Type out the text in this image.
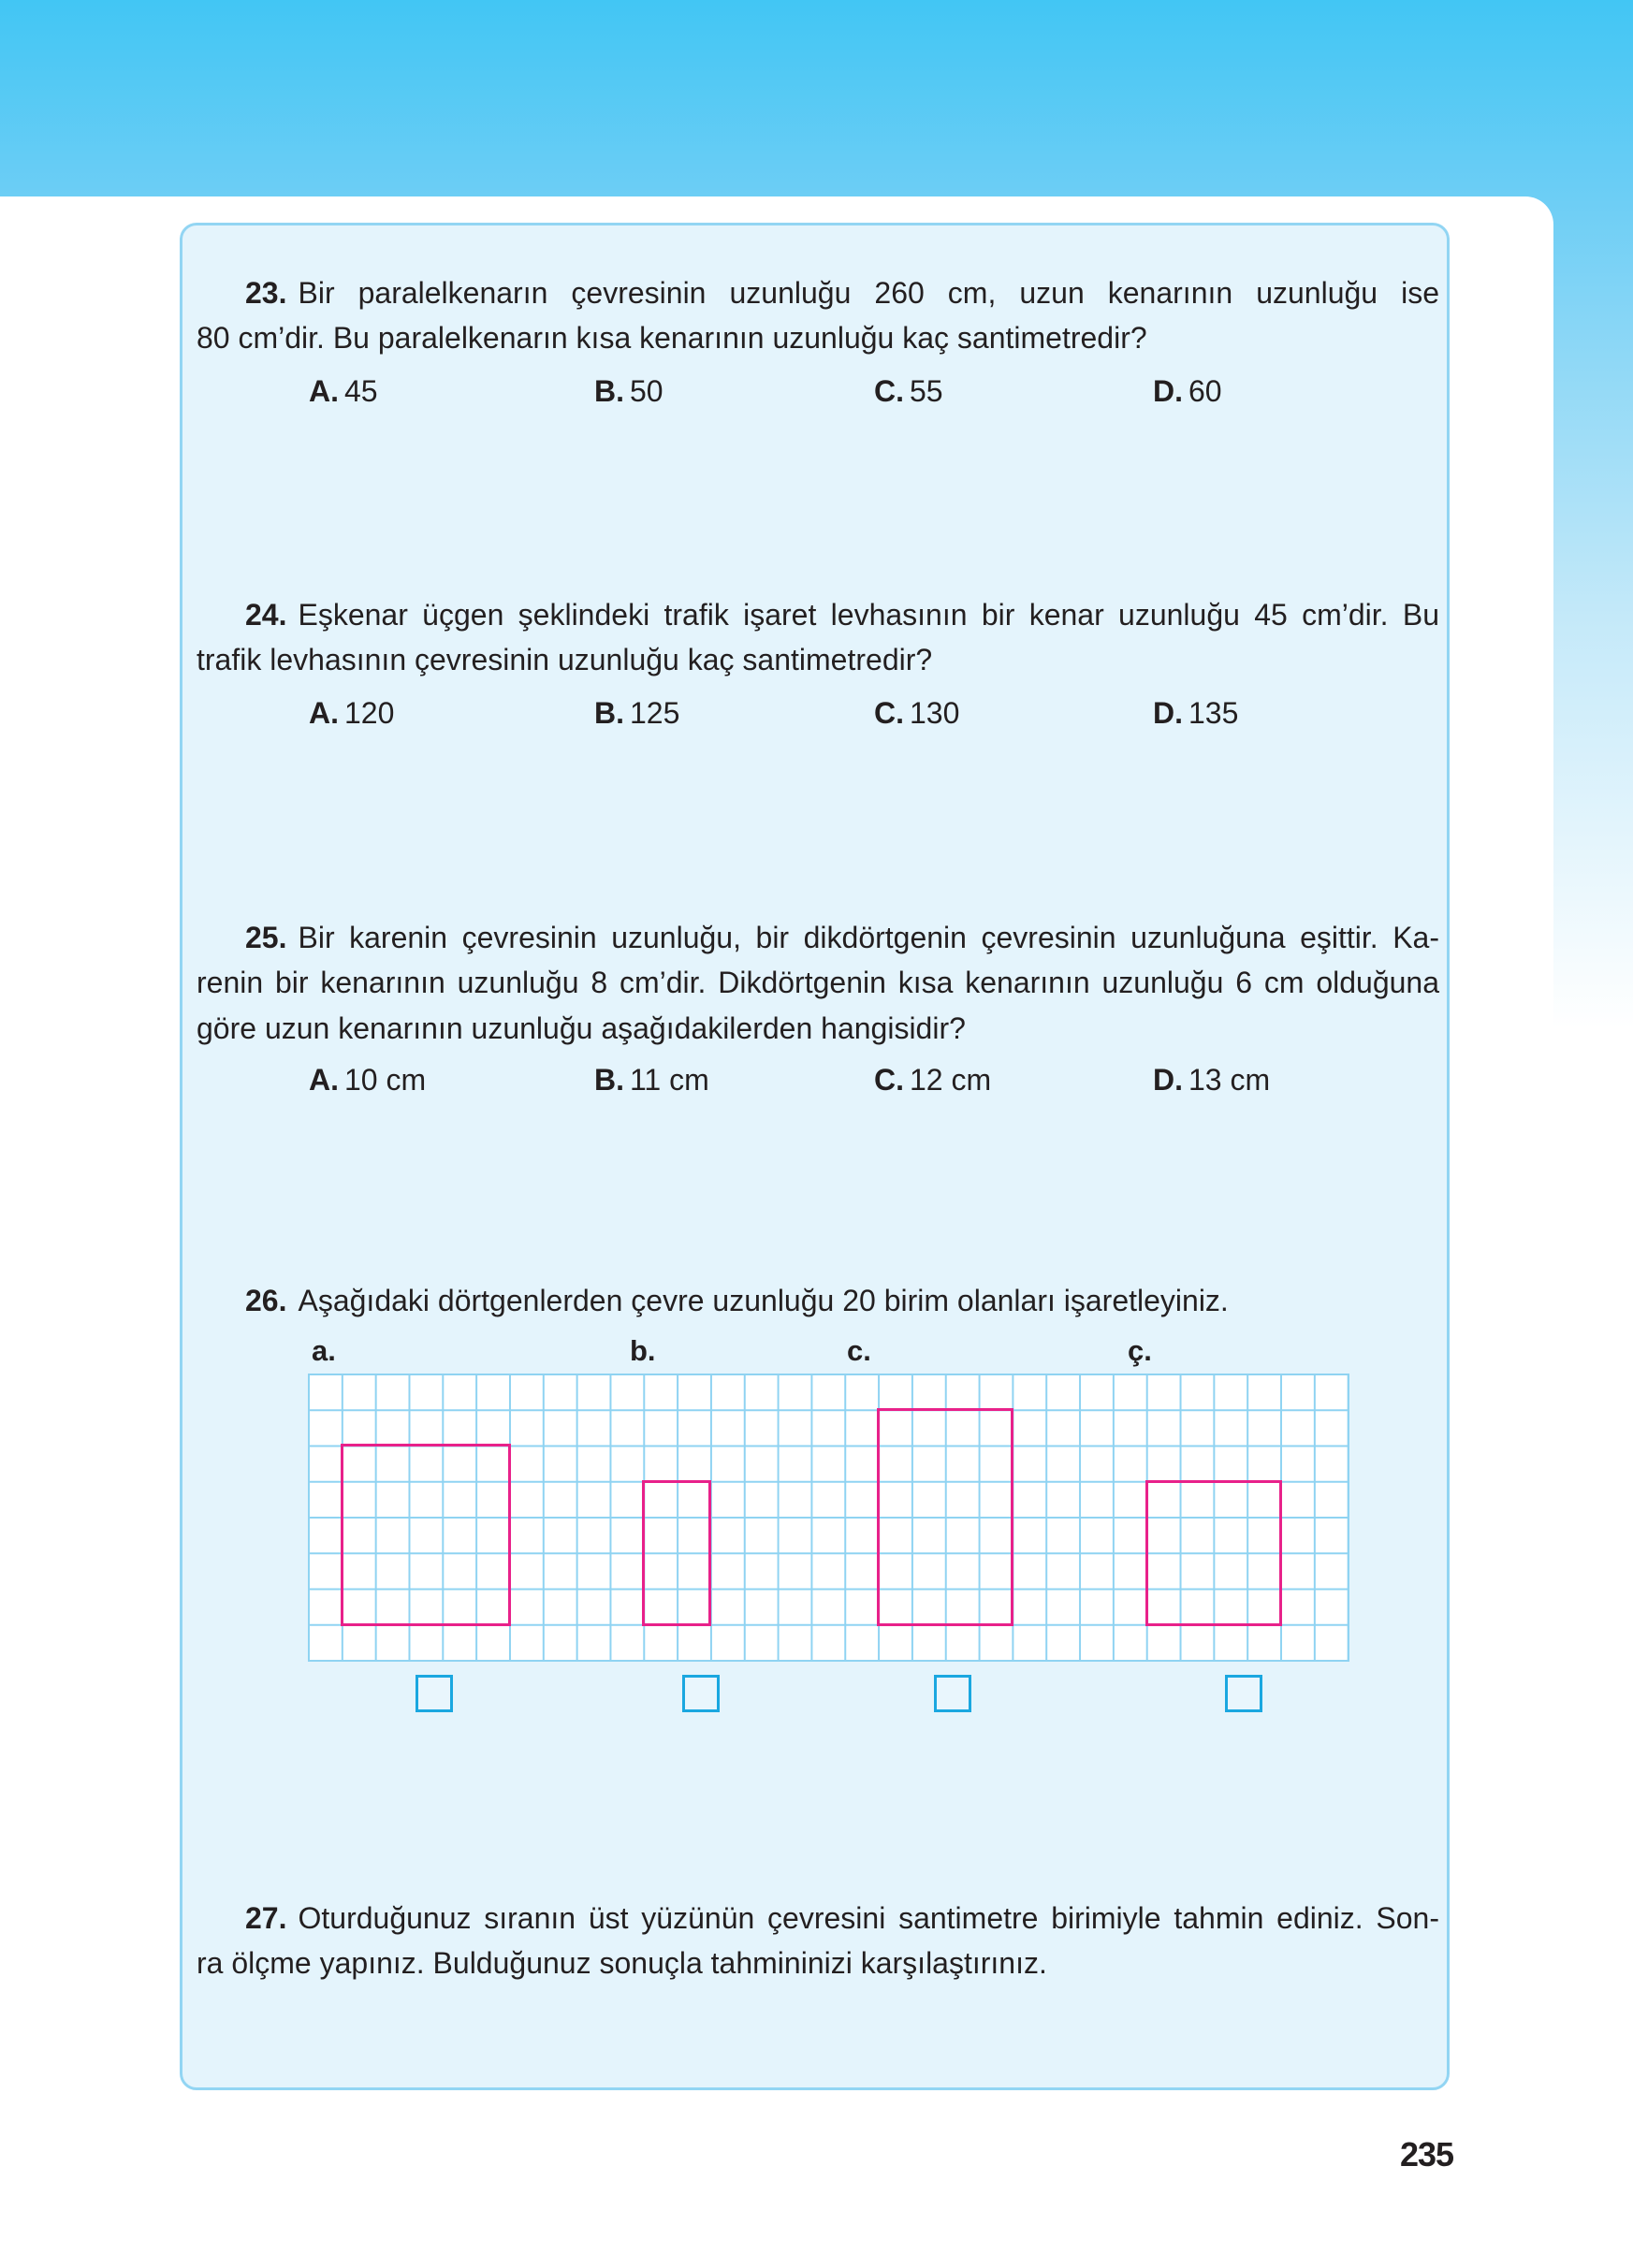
23. Bir paralelkenarın çevresinin uzunluğu 260 cm, uzun kenarının uzunluğu ise
80 cm’dir. Bu paralelkenarın kısa kenarının uzunluğu kaç santimetredir?
A. 45	B. 50	C. 55	D. 60
24. Eşkenar üçgen şeklindeki trafik işaret levhasının bir kenar uzunluğu 45 cm’dir. Bu
trafik levhasının çevresinin uzunluğu kaç santimetredir?
A. 120	B. 125	C. 130	D. 135
25. Bir karenin çevresinin uzunluğu, bir dikdörtgenin çevresinin uzunluğuna eşittir. Ka-
renin bir kenarının uzunluğu 8 cm’dir. Dikdörtgenin kısa kenarının uzunluğu 6 cm olduğuna
göre uzun kenarının uzunluğu aşağıdakilerden hangisidir?
A. 10 cm	B. 11 cm	C. 12 cm	D. 13 cm
26. Aşağıdaki dörtgenlerden çevre uzunluğu 20 birim olanları işaretleyiniz.
a.	b.	c.	ç.
27. Oturduğunuz sıranın üst yüzünün çevresini santimetre birimiyle tahmin ediniz. Son-
ra ölçme yapınız. Bulduğunuz sonuçla tahmininizi karşılaştırınız.
235
